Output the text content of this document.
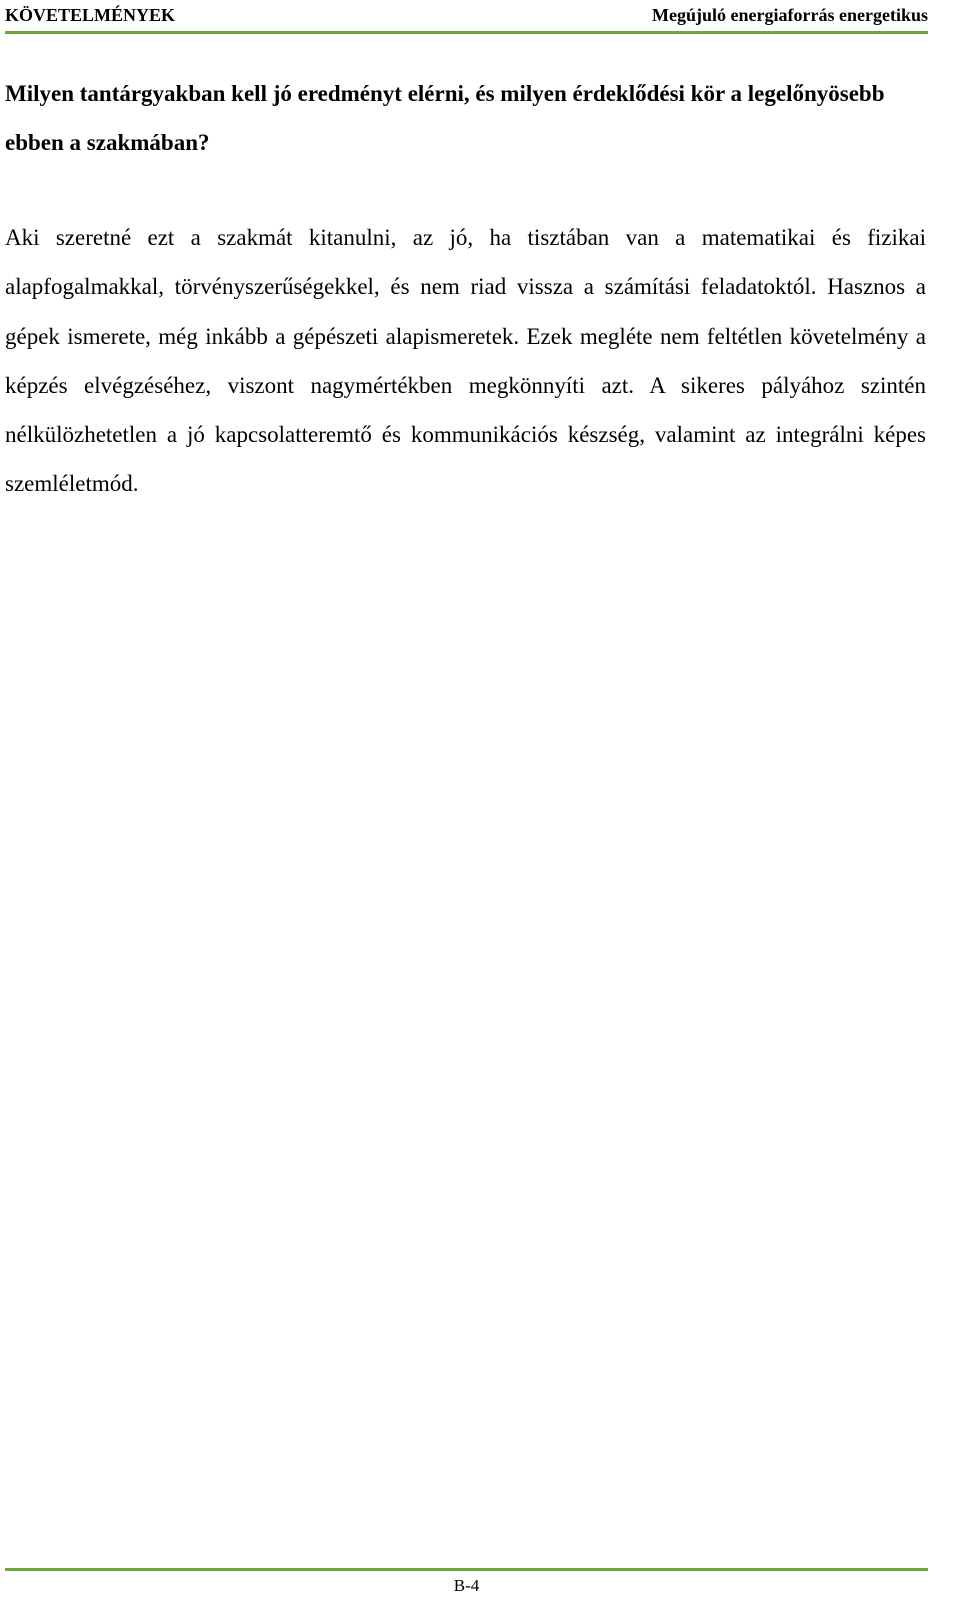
KÖVETELMÉNYEK	Megújuló energiaforrás energetikus

Milyen tantárgyakban kell jó eredményt elérni, és milyen érdeklődési kör a legelőnyösebb ebben a szakmában?

Aki szeretné ezt a szakmát kitanulni, az jó, ha tisztában van a matematikai és fizikai alapfogalmakkal, törvényszerűségekkel, és nem riad vissza a számítási feladatoktól. Hasznos a gépek ismerete, még inkább a gépészeti alapismeretek. Ezek megléte nem feltétlen követelmény a képzés elvégzéséhez, viszont nagymértékben megkönnyíti azt. A sikeres pályához szintén nélkülözhetetlen a jó kapcsolatteremtő és kommunikációs készség, valamint az integrálni képes szemléletmód.

B-4
